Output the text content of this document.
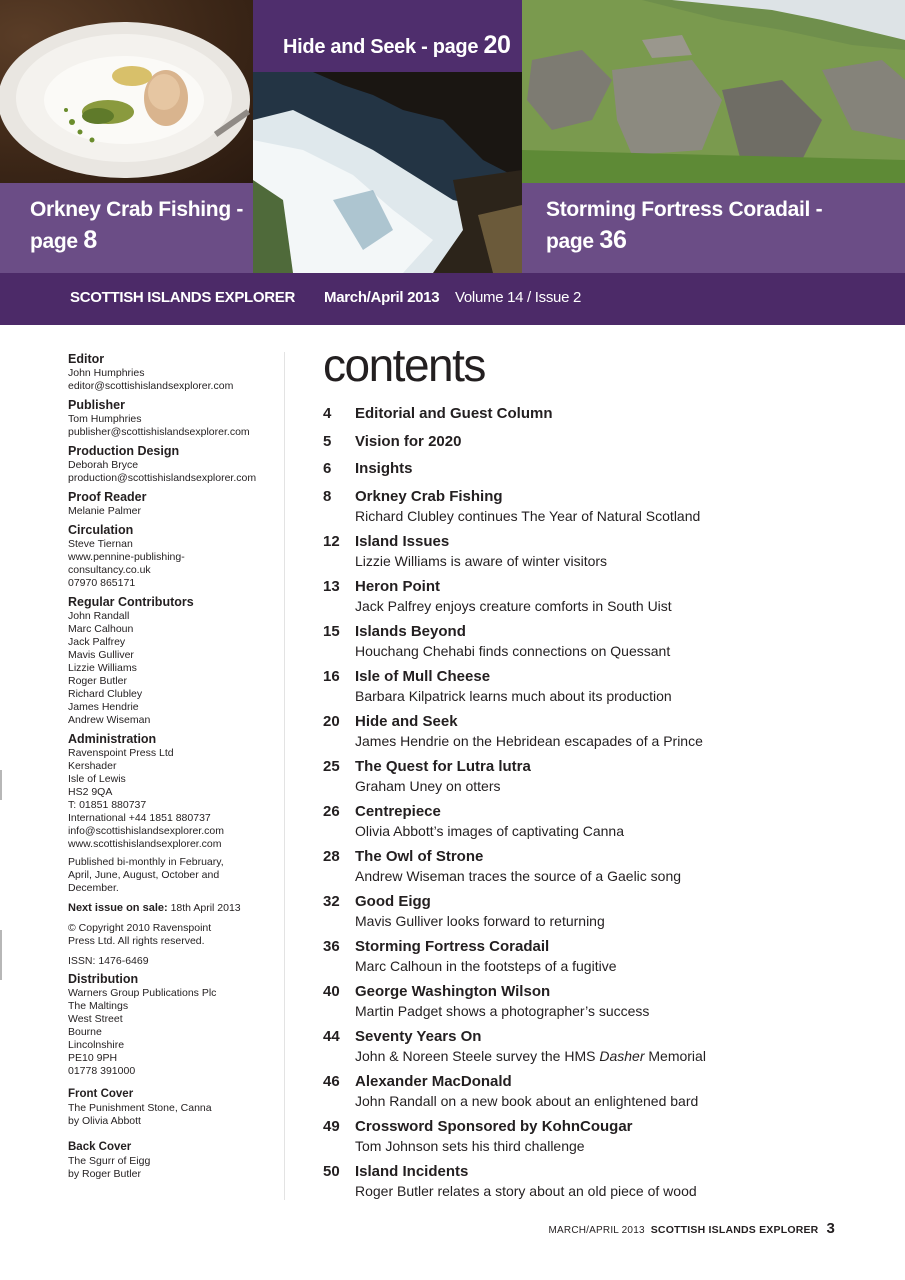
Hide and Seek - page 20
Orkney Crab Fishing -
page 8
Storming Fortress Coradail -
page 36
SCOTTISH ISLANDS EXPLORER March/April 2013 Volume 14 / Issue 2
Editor
John Humphries
editor@scottishislandsexplorer.com
Publisher
Tom Humphries
publisher@scottishislandsexplorer.com
Production Design
Deborah Bryce
production@scottishislandsexplorer.com
Proof Reader
Melanie Palmer
Circulation
Steve Tiernan
www.pennine-publishing-
consultancy.co.uk
07970 865171
Regular Contributors
John Randall
Marc Calhoun
Jack Palfrey
Mavis Gulliver
Lizzie Williams
Roger Butler
Richard Clubley
James Hendrie
Andrew Wiseman
Administration
Ravenspoint Press Ltd
Kershader
Isle of Lewis
HS2 9QA
T: 01851 880737
International +44 1851 880737
info@scottishislandsexplorer.com
www.scottishislandsexplorer.com
Published bi-monthly in February,
April, June, August, October and
December.
Next issue on sale: 18th April 2013
© Copyright 2010 Ravenspoint
Press Ltd. All rights reserved.
ISSN: 1476-6469
Distribution
Warners Group Publications Plc
The Maltings
West Street
Bourne
Lincolnshire
PE10 9PH
01778 391000
Front Cover
The Punishment Stone, Canna
by Olivia Abbott
Back Cover
The Sgurr of Eigg
by Roger Butler
contents
4	Editorial and Guest Column
5	Vision for 2020
6	Insights
8	Orkney Crab Fishing
Richard Clubley continues The Year of Natural Scotland
12	Island Issues
Lizzie Williams is aware of winter visitors
13	Heron Point
Jack Palfrey enjoys creature comforts in South Uist
15	Islands Beyond
Houchang Chehabi finds connections on Quessant
16	Isle of Mull Cheese
Barbara Kilpatrick learns much about its production
20	Hide and Seek
James Hendrie on the Hebridean escapades of a Prince
25	The Quest for Lutra lutra
Graham Uney on otters
26	Centrepiece
Olivia Abbott’s images of captivating Canna
28	The Owl of Strone
Andrew Wiseman traces the source of a Gaelic song
32	Good Eigg
Mavis Gulliver looks forward to returning
36	Storming Fortress Coradail
Marc Calhoun in the footsteps of a fugitive
40	George Washington Wilson
Martin Padget shows a photographer’s success
44	Seventy Years On
John & Noreen Steele survey the HMS Dasher Memorial
46	Alexander MacDonald
John Randall on a new book about an enlightened bard
49	Crossword Sponsored by KohnCougar
Tom Johnson sets his third challenge
50	Island Incidents
Roger Butler relates a story about an old piece of wood
MARCH/APRIL 2013 SCOTTISH ISLANDS EXPLORER 3
